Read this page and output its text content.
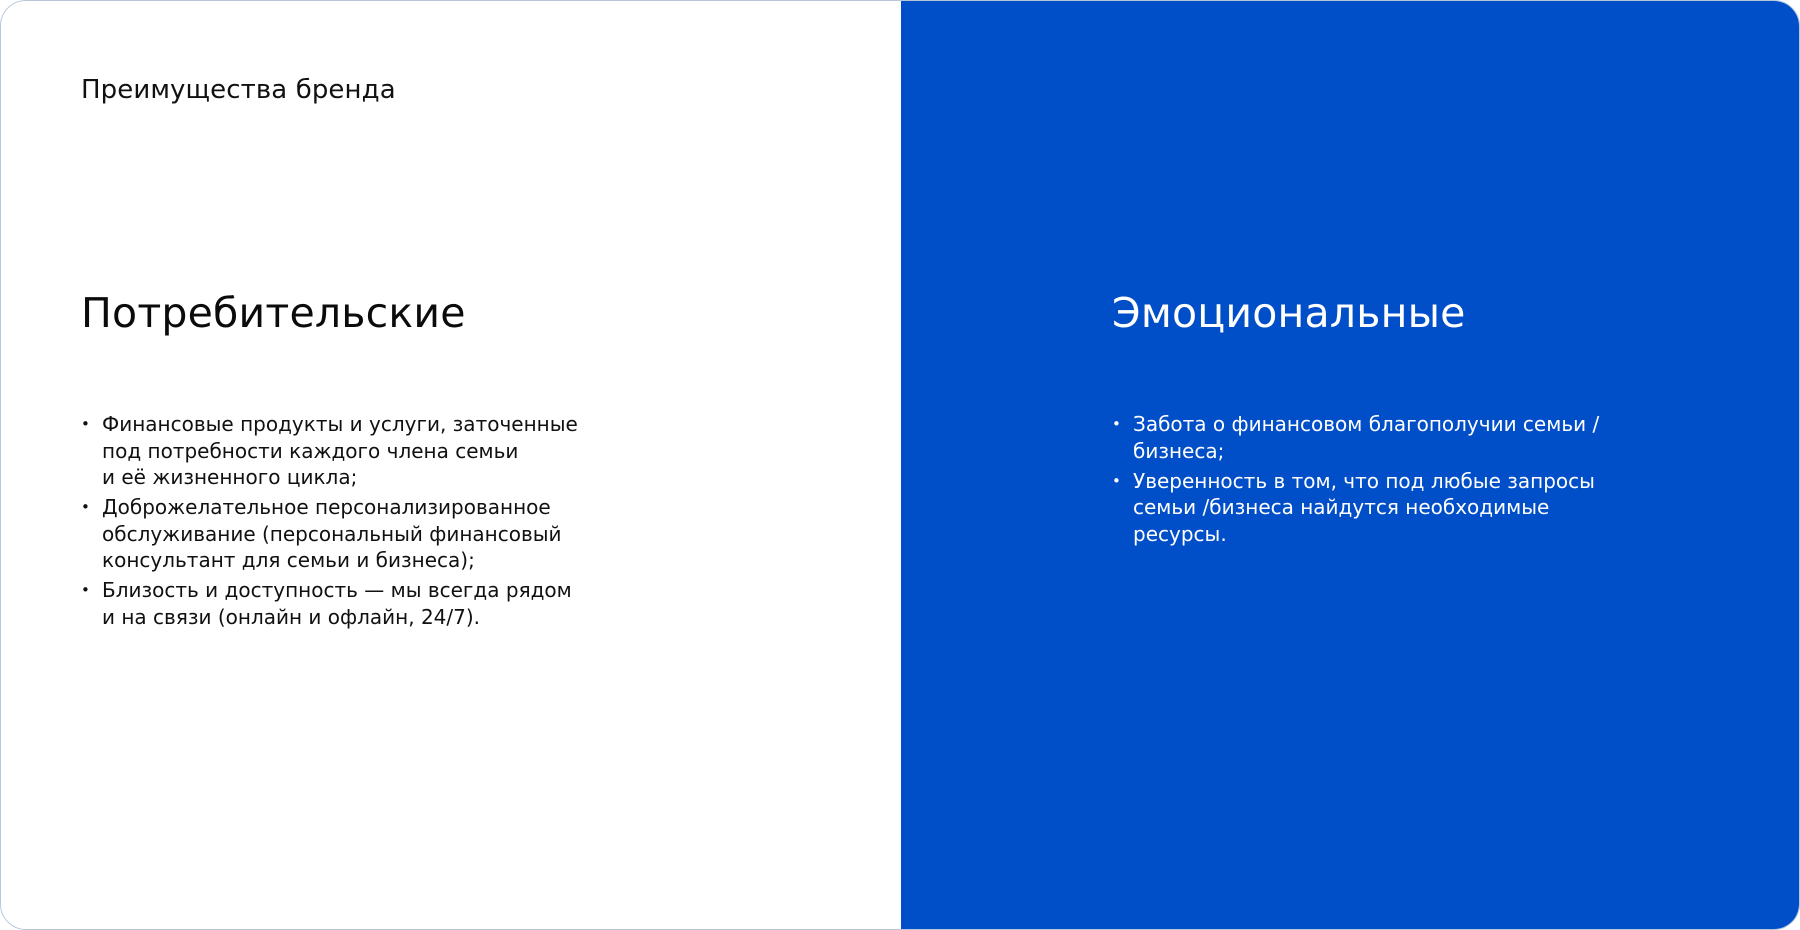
Преимущества бренда
Потребительские
• Финансовые продукты и услуги, заточенные
под потребности каждого члена семьи
и её жизненного цикла;
• Доброжелательное персонализированное
обслуживание (персональный финансовый
консультант для семьи и бизнеса);
• Близость и доступность — мы всегда рядом
и на связи (онлайн и офлайн, 24/7).
Эмоциональные
• Забота о финансовом благополучии семьи /
бизнеса;
• Уверенность в том, что под любые запросы
семьи /бизнеса найдутся необходимые
ресурсы.
